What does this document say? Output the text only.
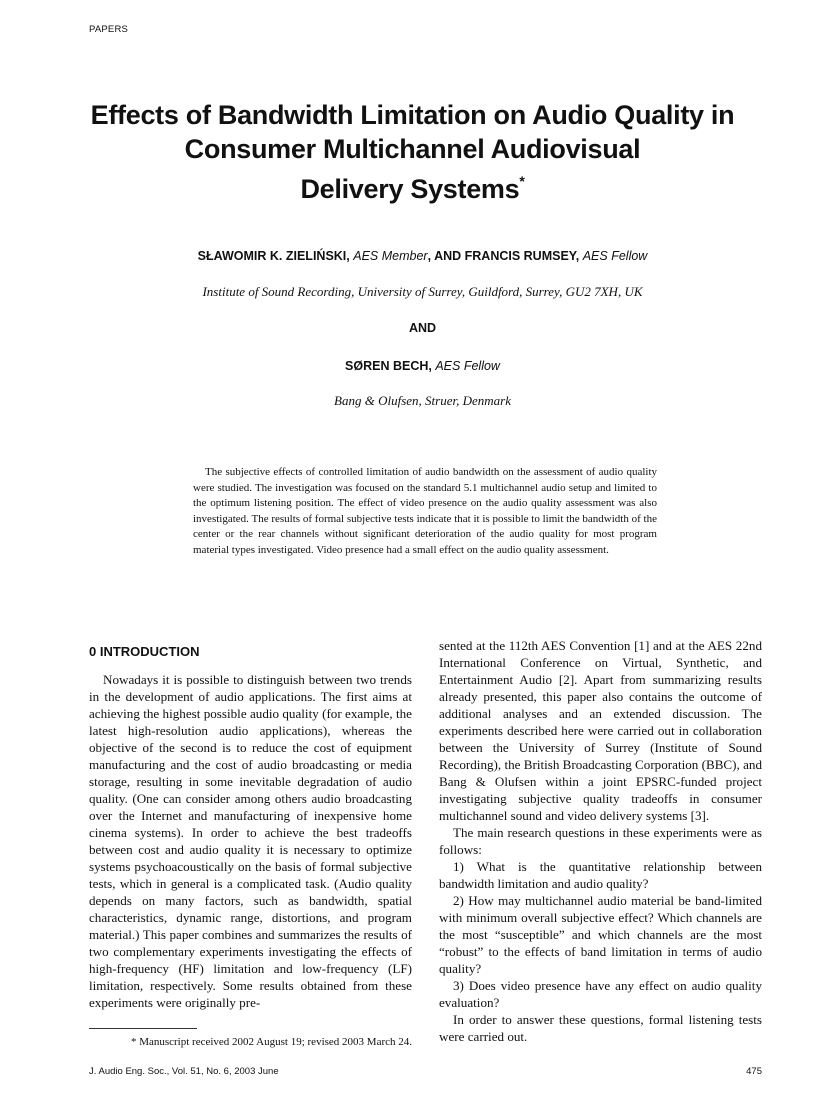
PAPERS
Effects of Bandwidth Limitation on Audio Quality in
Consumer Multichannel Audiovisual
Delivery Systems*
SŁAWOMIR K. ZIELIŃSKI, AES Member, AND FRANCIS RUMSEY, AES Fellow
Institute of Sound Recording, University of Surrey, Guildford, Surrey, GU2 7XH, UK
AND
SØREN BECH, AES Fellow
Bang & Olufsen, Struer, Denmark

The subjective effects of controlled limitation of audio bandwidth on the assessment of audio quality were studied. The investigation was focused on the standard 5.1 multichannel audio setup and limited to the optimum listening position. The effect of video presence on the audio quality assessment was also investigated. The results of formal subjective tests indicate that it is possible to limit the bandwidth of the center or the rear channels without significant deterioration of the audio quality for most program material types investigated. Video presence had a small effect on the audio quality assessment.

0 INTRODUCTION

Nowadays it is possible to distinguish between two trends in the development of audio applications. The first aims at achieving the highest possible audio quality (for example, the latest high-resolution audio applications), whereas the objective of the second is to reduce the cost of equipment manufacturing and the cost of audio broadcasting or media storage, resulting in some inevitable degradation of audio quality. (One can consider among others audio broadcasting over the Internet and manufacturing of inexpensive home cinema systems). In order to achieve the best tradeoffs between cost and audio quality it is necessary to optimize systems psychoacoustically on the basis of formal subjective tests, which in general is a complicated task. (Audio quality depends on many factors, such as bandwidth, spatial characteristics, dynamic range, distortions, and program material.) This paper combines and summarizes the results of two complementary experiments investigating the effects of high-frequency (HF) limitation and low-frequency (LF) limitation, respectively. Some results obtained from these experiments were originally pre-

sented at the 112th AES Convention [1] and at the AES 22nd International Conference on Virtual, Synthetic, and Entertainment Audio [2]. Apart from summarizing results already presented, this paper also contains the outcome of additional analyses and an extended discussion. The experiments described here were carried out in collaboration between the University of Surrey (Institute of Sound Recording), the British Broadcasting Corporation (BBC), and Bang & Olufsen within a joint EPSRC-funded project investigating subjective quality tradeoffs in consumer multichannel sound and video delivery systems [3].

The main research questions in these experiments were as follows:

1) What is the quantitative relationship between bandwidth limitation and audio quality?

2) How may multichannel audio material be band-limited with minimum overall subjective effect? Which channels are the most “susceptible” and which channels are the most “robust” to the effects of band limitation in terms of audio quality?

3) Does video presence have any effect on audio quality evaluation?

In order to answer these questions, formal listening tests were carried out.

* Manuscript received 2002 August 19; revised 2003 March 24.
J. Audio Eng. Soc., Vol. 51, No. 6, 2003 June	475
